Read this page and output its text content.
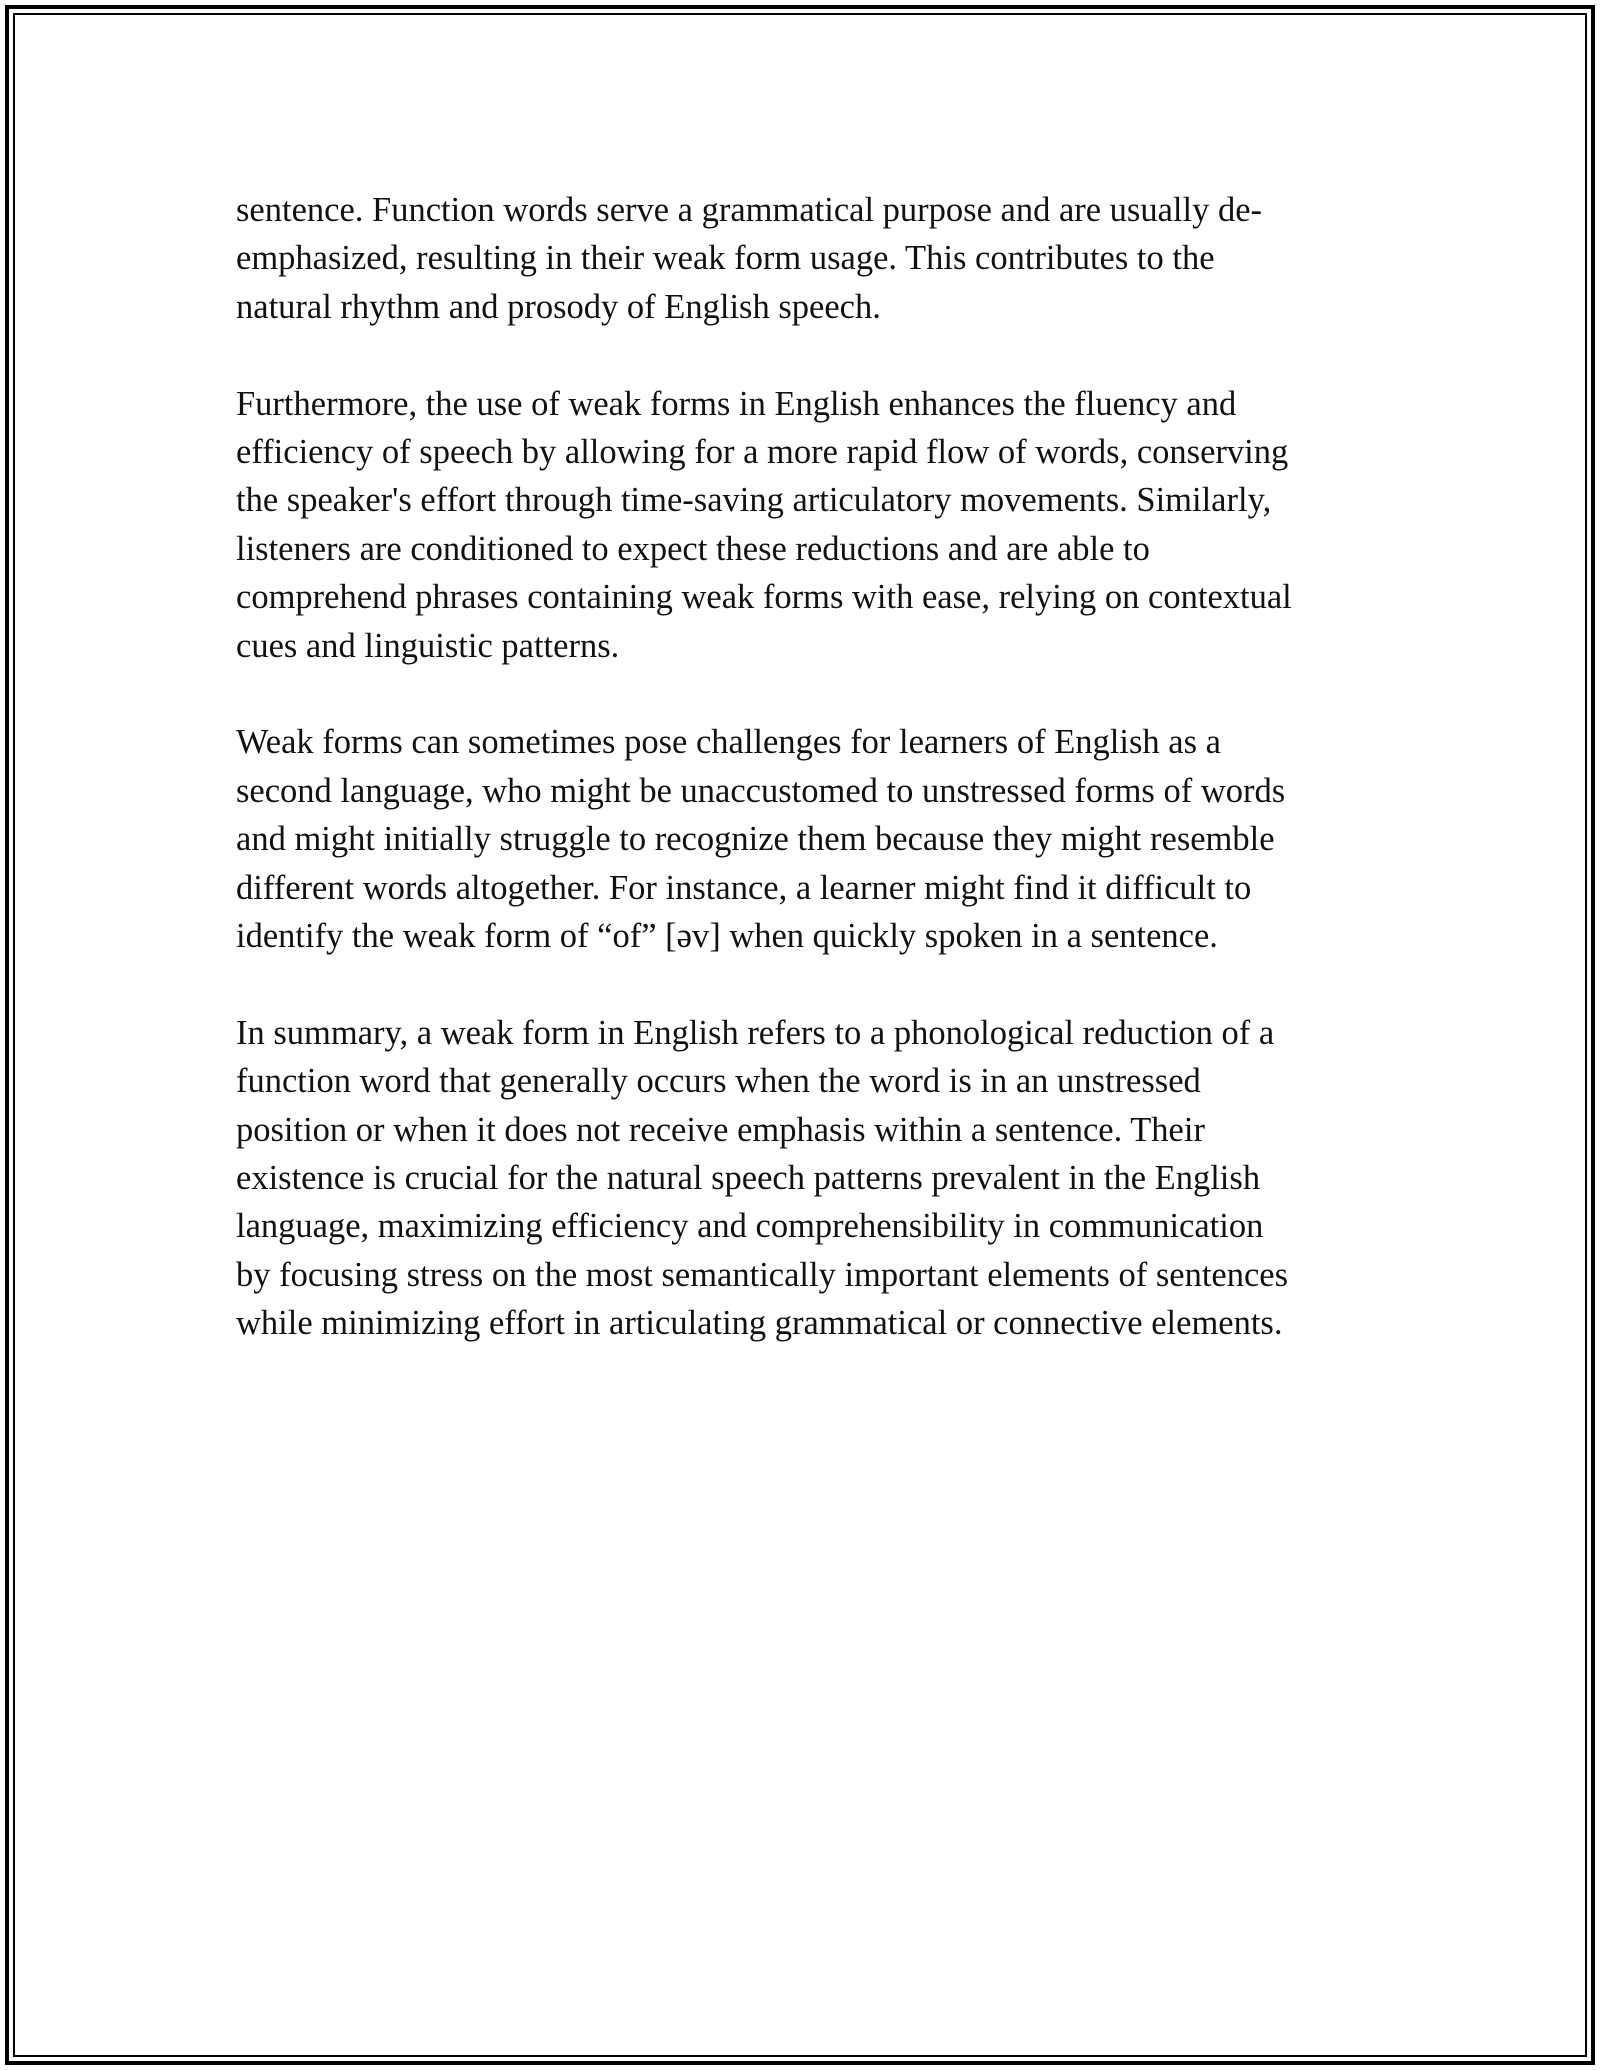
sentence. Function words serve a grammatical purpose and are usually de-
emphasized, resulting in their weak form usage. This contributes to the
natural rhythm and prosody of English speech.

Furthermore, the use of weak forms in English enhances the fluency and
efficiency of speech by allowing for a more rapid flow of words, conserving
the speaker's effort through time-saving articulatory movements. Similarly,
listeners are conditioned to expect these reductions and are able to
comprehend phrases containing weak forms with ease, relying on contextual
cues and linguistic patterns.

Weak forms can sometimes pose challenges for learners of English as a
second language, who might be unaccustomed to unstressed forms of words
and might initially struggle to recognize them because they might resemble
different words altogether. For instance, a learner might find it difficult to
identify the weak form of “of” [əv] when quickly spoken in a sentence.

In summary, a weak form in English refers to a phonological reduction of a
function word that generally occurs when the word is in an unstressed
position or when it does not receive emphasis within a sentence. Their
existence is crucial for the natural speech patterns prevalent in the English
language, maximizing efficiency and comprehensibility in communication
by focusing stress on the most semantically important elements of sentences
while minimizing effort in articulating grammatical or connective elements.
